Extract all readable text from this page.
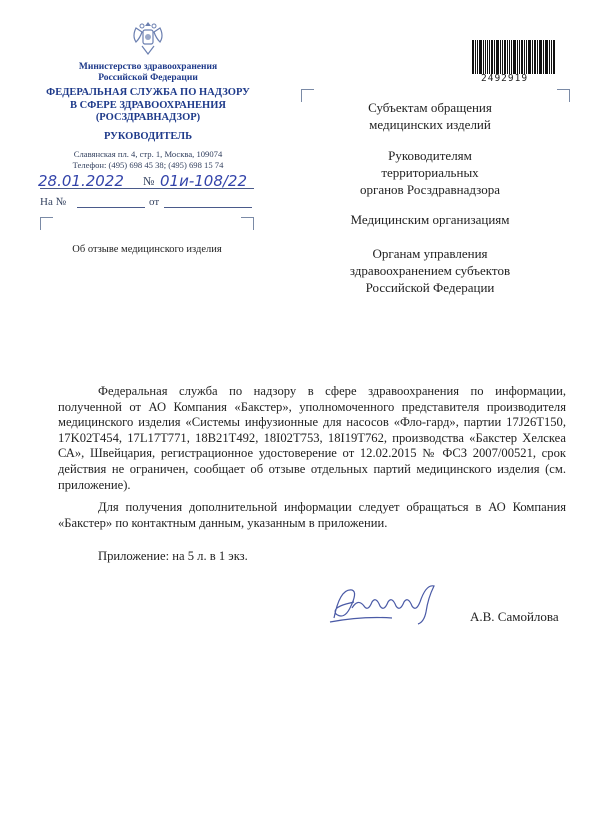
Министерство здравоохранения
Российской Федерации
ФЕДЕРАЛЬНАЯ СЛУЖБА ПО НАДЗОРУ
В СФЕРЕ ЗДРАВООХРАНЕНИЯ
(РОСЗДРАВНАДЗОР)
РУКОВОДИТЕЛЬ
Славянская пл. 4, стр. 1, Москва, 109074
Телефон: (495) 698 45 38; (495) 698 15 74
28.01.2022 № 01и-108/22
На №	от
Об отзыве медицинского изделия
2492919
Субъектам обращения
медицинских изделий
Руководителям
территориальных
органов Росздравнадзора
Медицинским организациям
Органам управления
здравоохранением субъектов
Российской Федерации
Федеральная служба по надзору в сфере здравоохранения по информации, полученной от АО Компания «Бакстер», уполномоченного представителя производителя медицинского изделия «Системы инфузионные для насосов «Фло-гард», партии 17J26T150, 17K02T454, 17L17T771, 18B21T492, 18I02T753, 18I19T762, производства «Бакстер Хелскеа СА», Швейцария, регистрационное удостоверение от 12.02.2015 № ФСЗ 2007/00521, срок действия не ограничен, сообщает об отзыве отдельных партий медицинского изделия (см. приложение).
Для получения дополнительной информации следует обращаться в АО Компания «Бакстер» по контактным данным, указанным в приложении.
Приложение: на 5 л. в 1 экз.
А.В. Самойлова
